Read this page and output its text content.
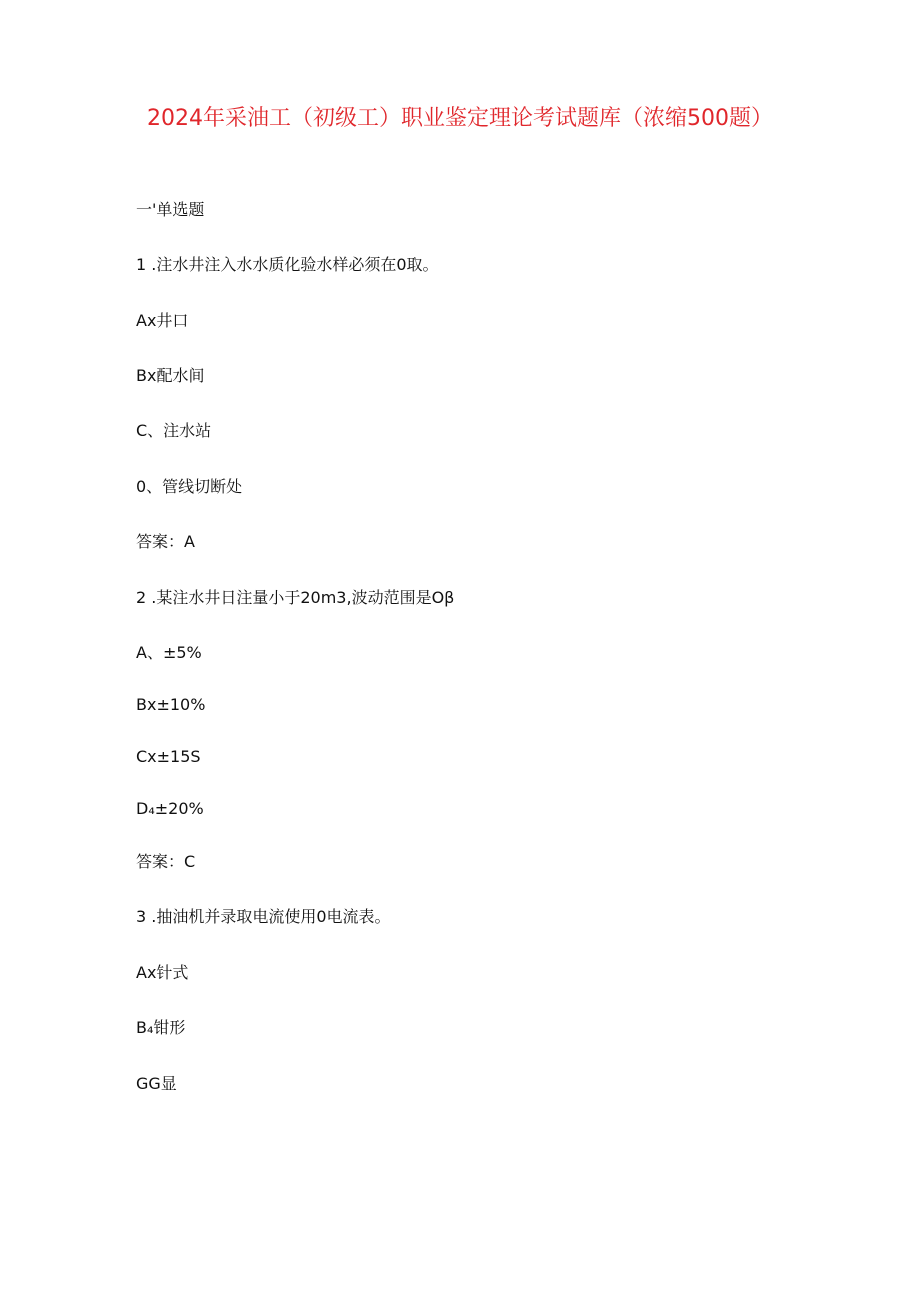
2024年采油工（初级工）职业鉴定理论考试题库（浓缩500题）
一'单选题
1 .注水井注入水水质化验水样必须在0取。
Ax井口
Bx配水间
C、注水站
0、管线切断处
答案：A
2 .某注水井日注量小于20m3,波动范围是Oβ
A、±5%
Bx±10%
Cx±15S
D₄±20%
答案：C
3 .抽油机并录取电流使用0电流表。
Ax针式
B₄钳形
GG显
